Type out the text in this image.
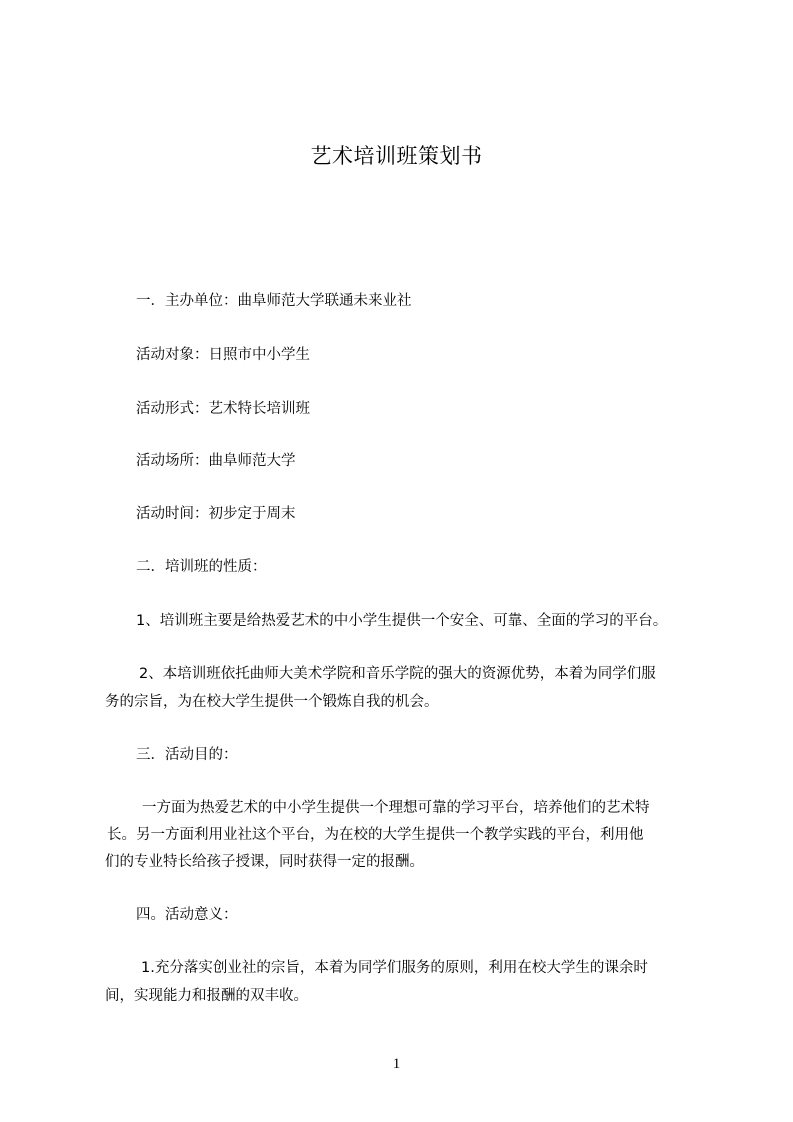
艺术培训班策划书
一．主办单位：曲阜师范大学联通未来业社
活动对象：日照市中小学生
活动形式：艺术特长培训班
活动场所：曲阜师范大学
活动时间：初步定于周末
二．培训班的性质：
1、培训班主要是给热爱艺术的中小学生提供一个安全、可靠、全面的学习的平台。
2、本培训班依托曲师大美术学院和音乐学院的强大的资源优势，本着为同学们服
务的宗旨，为在校大学生提供一个锻炼自我的机会。
三．活动目的：
一方面为热爱艺术的中小学生提供一个理想可靠的学习平台，培养他们的艺术特
长。另一方面利用业社这个平台，为在校的大学生提供一个教学实践的平台，利用他
们的专业特长给孩子授课，同时获得一定的报酬。
四。活动意义：
1.充分落实创业社的宗旨，本着为同学们服务的原则，利用在校大学生的课余时
间，实现能力和报酬的双丰收。
1
